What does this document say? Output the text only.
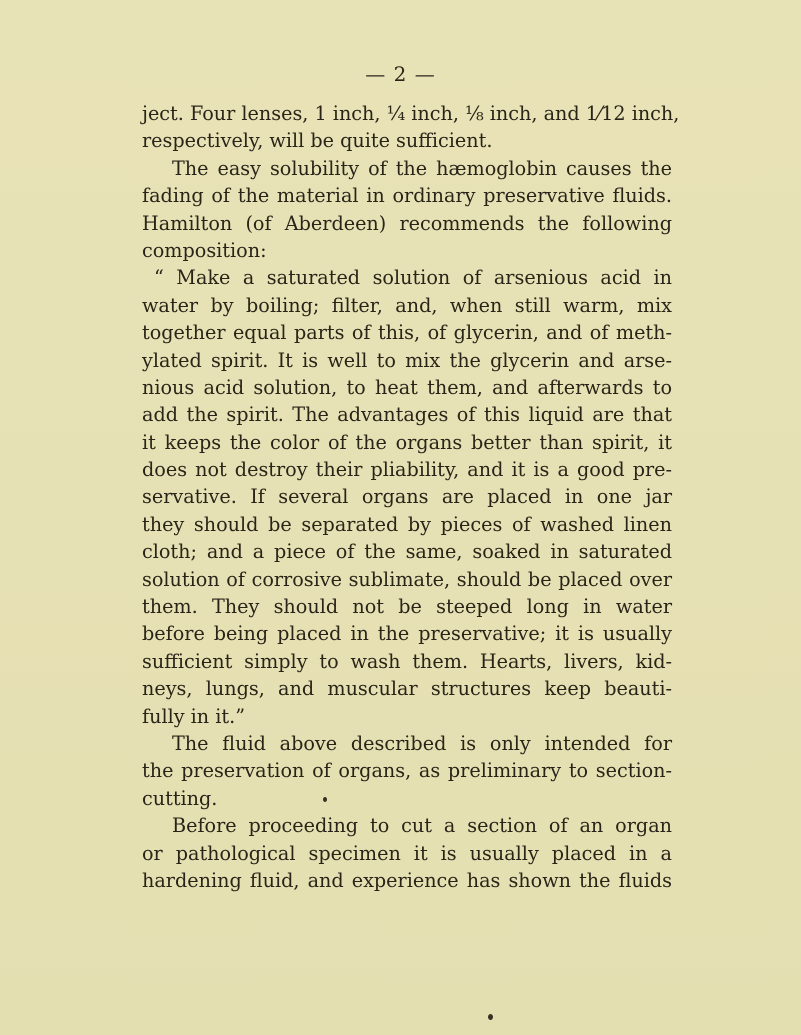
— 2 —
ject. Four lenses, 1 inch, ¼ inch, ⅛ inch, and 1⁄12 inch,
respectively, will be quite sufficient.
The easy solubility of the hæmoglobin causes the
fading of the material in ordinary preservative fluids.
Hamilton (of Aberdeen) recommends the following
composition:
“ Make a saturated solution of arsenious acid in
water by boiling; filter, and, when still warm, mix
together equal parts of this, of glycerin, and of meth-
ylated spirit. It is well to mix the glycerin and arse-
nious acid solution, to heat them, and afterwards to
add the spirit. The advantages of this liquid are that
it keeps the color of the organs better than spirit, it
does not destroy their pliability, and it is a good pre-
servative. If several organs are placed in one jar
they should be separated by pieces of washed linen
cloth; and a piece of the same, soaked in saturated
solution of corrosive sublimate, should be placed over
them. They should not be steeped long in water
before being placed in the preservative; it is usually
sufficient simply to wash them. Hearts, livers, kid-
neys, lungs, and muscular structures keep beauti-
fully in it.”
The fluid above described is only intended for
the preservation of organs, as preliminary to section-
cutting.
Before proceeding to cut a section of an organ
or pathological specimen it is usually placed in a
hardening fluid, and experience has shown the fluids
